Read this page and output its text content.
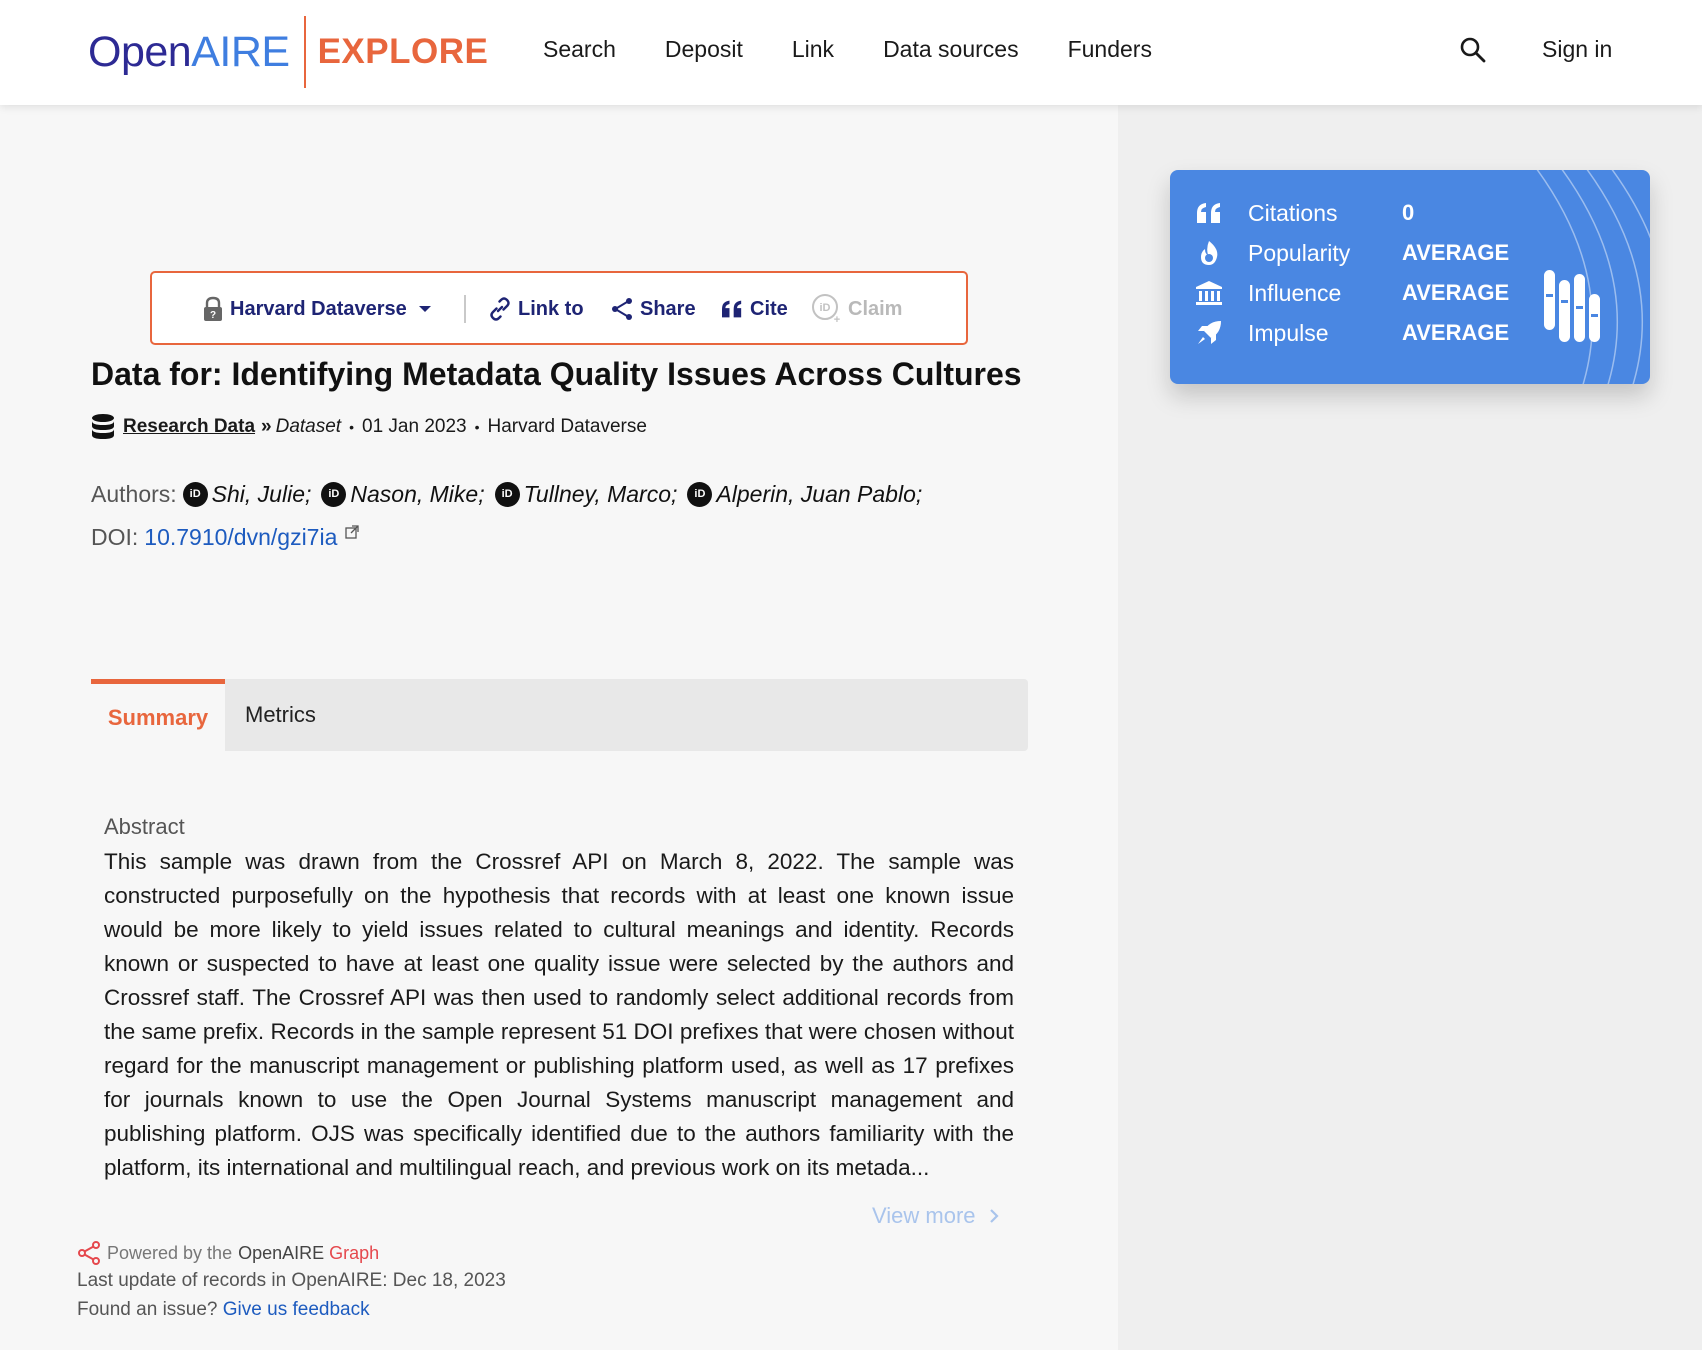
Open AIRE EXPLORE Search Deposit Link Data sources Funders	Sign in
Citations	0
Popularity AVERAGE
Influence	AVERAGE
Impulse	AVERAGE
? Harvard Dataverse	Link to	Share	Cite	iD
+
Claim
Data for: Identifying Metadata Quality Issues Across Cultures
Research Data » Dataset • 01 Jan 2023 • Harvard Dataverse
Authors:	iD Shi, Julie;	iD Nason, Mike;	iD Tullney, Marco;	iD Alperin, Juan Pablo;
DOI: 10.7910/dvn/gzi7ia
Summary	Metrics
Abstract

This sample was drawn from the Crossref API on March 8, 2022. The sample was constructed purposefully on the hypothesis that records with at least one known issue would be more likely to yield issues related to cultural meanings and identity. Records known or suspected to have at least one quality issue were selected by the authors and Crossref staff. The Crossref API was then used to randomly select additional records from the same prefix. Records in the sample represent 51 DOI prefixes that were chosen without regard for the manuscript management or publishing platform used, as well as 17 prefixes for journals known to use the Open Journal Systems manuscript management and publishing platform. OJS was specifically identified due to the authors familiarity with the platform, its international and multilingual reach, and previous work on its metada...

View more
Powered by the OpenAIRE Graph
Last update of records in OpenAIRE: Dec 18, 2023
Found an issue? Give us feedback
